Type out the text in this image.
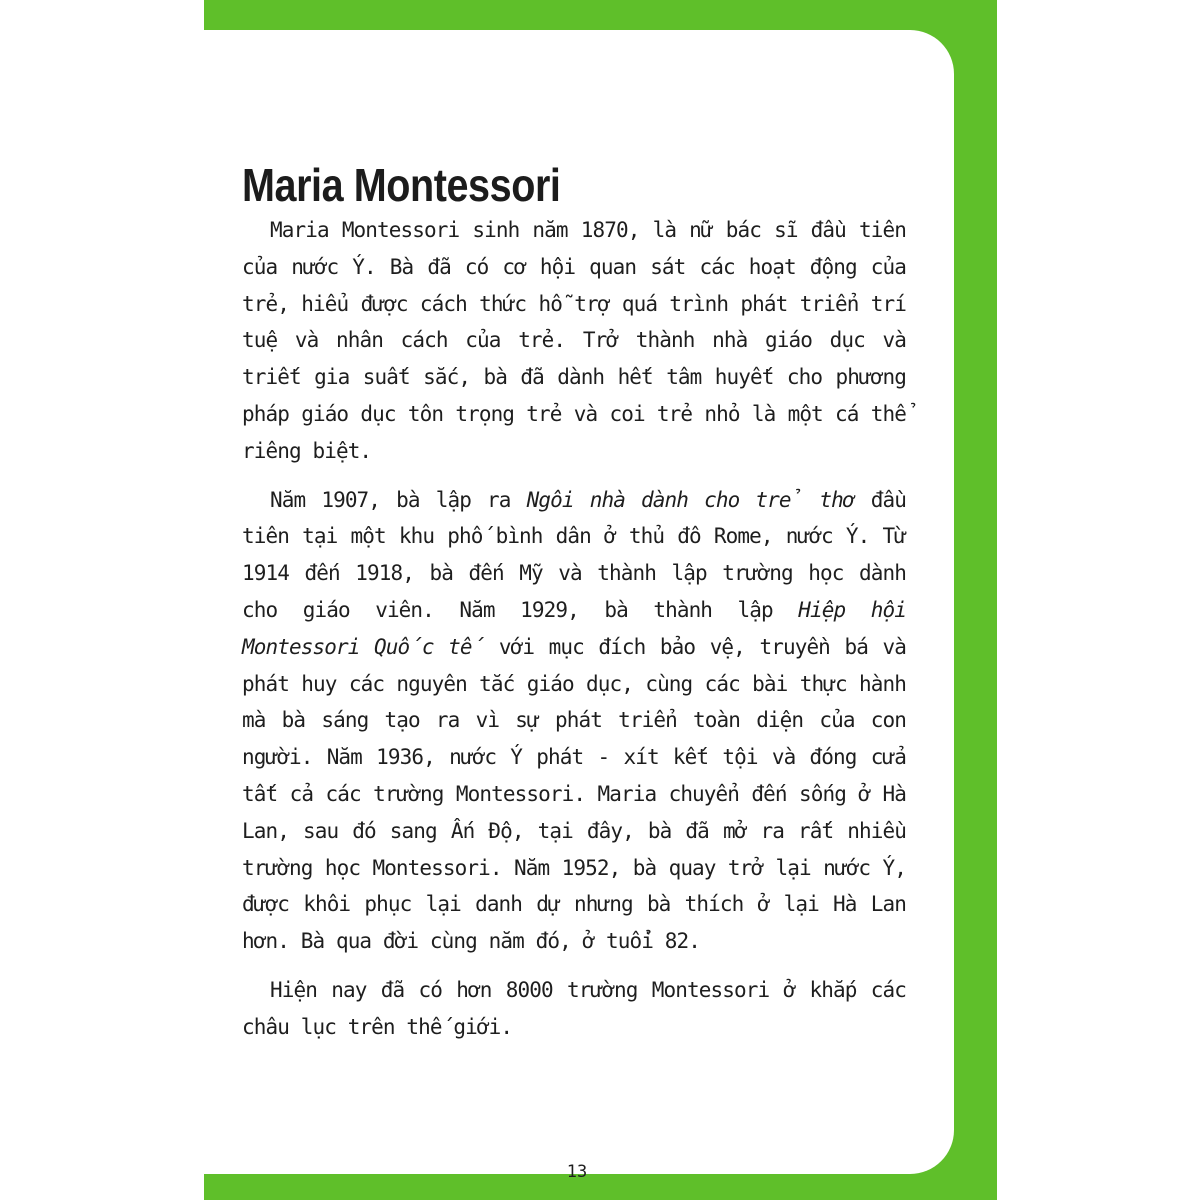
Maria Montessori

Maria Montessori sinh năm 1870, là nữ bác sĩ đầu tiên của nước Ý. Bà đã có cơ hội quan sát các hoạt động của trẻ, hiểu được cách thức hỗ trợ quá trình phát triển trí tuệ và nhân cách của trẻ. Trở thành nhà giáo dục và triết gia suất sắc, bà đã dành hết tâm huyết cho phương pháp giáo dục tôn trọng trẻ và coi trẻ nhỏ là một cá thể riêng biệt.

Năm 1907, bà lập ra Ngôi nhà dành cho trẻ thơ đầu tiên tại một khu phố bình dân ở thủ đô Rome, nước Ý. Từ 1914 đến 1918, bà đến Mỹ và thành lập trường học dành cho giáo viên. Năm 1929, bà thành lập Hiệp hội Montessori Quốc tế với mục đích bảo vệ, truyền bá và phát huy các nguyên tắc giáo dục, cùng các bài thực hành mà bà sáng tạo ra vì sự phát triển toàn diện của con người. Năm 1936, nước Ý phát - xít kết tội và đóng cửa tất cả các trường Montessori. Maria chuyển đến sống ở Hà Lan, sau đó sang Ấn Độ, tại đây, bà đã mở ra rất nhiều trường học Montessori. Năm 1952, bà quay trở lại nước Ý, được khôi phục lại danh dự nhưng bà thích ở lại Hà Lan hơn. Bà qua đời cùng năm đó, ở tuổi 82.

Hiện nay đã có hơn 8000 trường Montessori ở khắp các châu lục trên thế giới.

13
